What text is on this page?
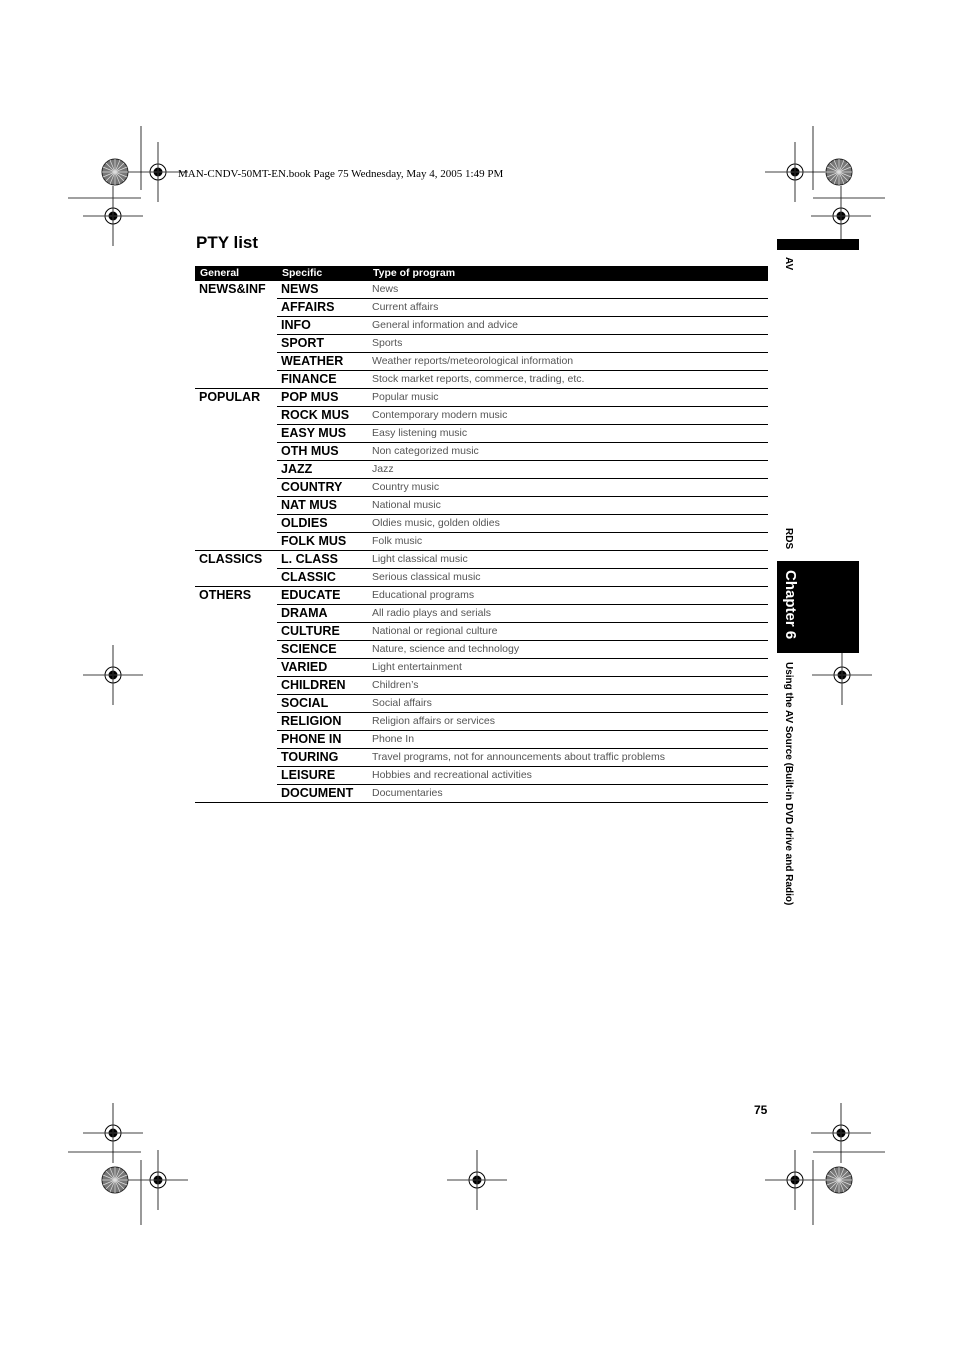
MAN-CNDV-50MT-EN.book Page 75 Wednesday, May 4, 2005 1:49 PM
PTY list
General	Specific	Type of program
NEWS&INF	NEWS	News
	AFFAIRS	Current affairs
	INFO	General information and advice
	SPORT	Sports
	WEATHER	Weather reports/meteorological information
	FINANCE	Stock market reports, commerce, trading, etc.
POPULAR	POP MUS	Popular music
	ROCK MUS	Contemporary modern music
	EASY MUS	Easy listening music
	OTH MUS	Non categorized music
	JAZZ	Jazz
	COUNTRY	Country music
	NAT MUS	National music
	OLDIES	Oldies music, golden oldies
	FOLK MUS	Folk music
CLASSICS	L. CLASS	Light classical music
	CLASSIC	Serious classical music
OTHERS	EDUCATE	Educational programs
	DRAMA	All radio plays and serials
	CULTURE	National or regional culture
	SCIENCE	Nature, science and technology
	VARIED	Light entertainment
	CHILDREN	Children’s
	SOCIAL	Social affairs
	RELIGION	Religion affairs or services
	PHONE IN	Phone In
	TOURING	Travel programs, not for announcements about traffic problems
	LEISURE	Hobbies and recreational activities
	DOCUMENT	Documentaries
AV
RDS
Chapter 6
Using the AV Source (Built-in DVD drive and Radio)
75
